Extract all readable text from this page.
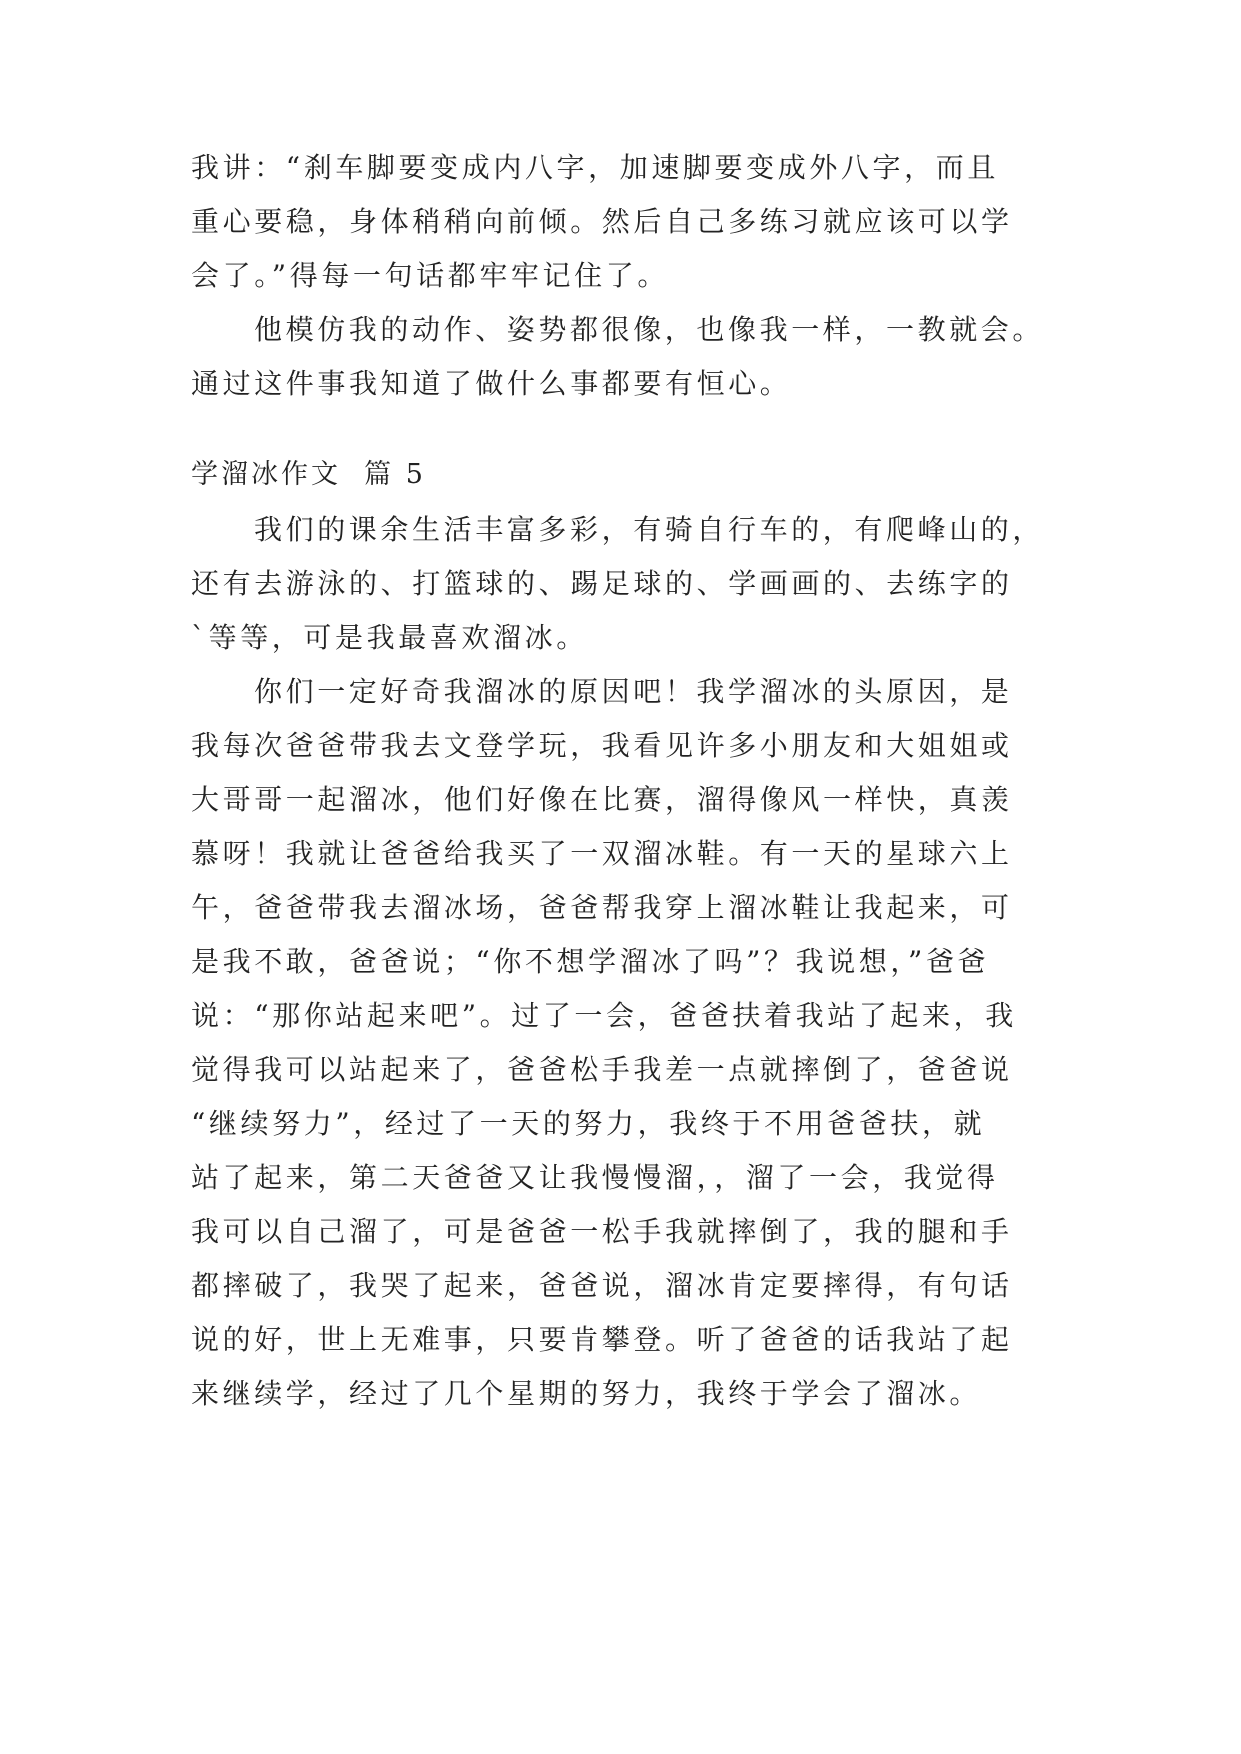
我讲：“刹车脚要变成内八字，加速脚要变成外八字，而且
重心要稳，身体稍稍向前倾。然后自己多练习就应该可以学
会了。”得每一句话都牢牢记住了。
他模仿我的动作、姿势都很像，也像我一样，一教就会。
通过这件事我知道了做什么事都要有恒心。
学溜冰作文  篇 5
我们的课余生活丰富多彩，有骑自行车的，有爬峰山的，
还有去游泳的、打篮球的、踢足球的、学画画的、去练字的
`等等，可是我最喜欢溜冰。
你们一定好奇我溜冰的原因吧！我学溜冰的头原因，是
我每次爸爸带我去文登学玩，我看见许多小朋友和大姐姐或
大哥哥一起溜冰，他们好像在比赛，溜得像风一样快，真羡
慕呀！我就让爸爸给我买了一双溜冰鞋。有一天的星球六上
午，爸爸带我去溜冰场，爸爸帮我穿上溜冰鞋让我起来，可
是我不敢，爸爸说；“你不想学溜冰了吗”？我说想，”爸爸
说：“那你站起来吧”。过了一会，爸爸扶着我站了起来，我
觉得我可以站起来了，爸爸松手我差一点就摔倒了，爸爸说
“继续努力”，经过了一天的努力，我终于不用爸爸扶，就
站了起来，第二天爸爸又让我慢慢溜，，溜了一会，我觉得
我可以自己溜了，可是爸爸一松手我就摔倒了，我的腿和手
都摔破了，我哭了起来，爸爸说，溜冰肯定要摔得，有句话
说的好，世上无难事，只要肯攀登。听了爸爸的话我站了起
来继续学，经过了几个星期的努力，我终于学会了溜冰。
